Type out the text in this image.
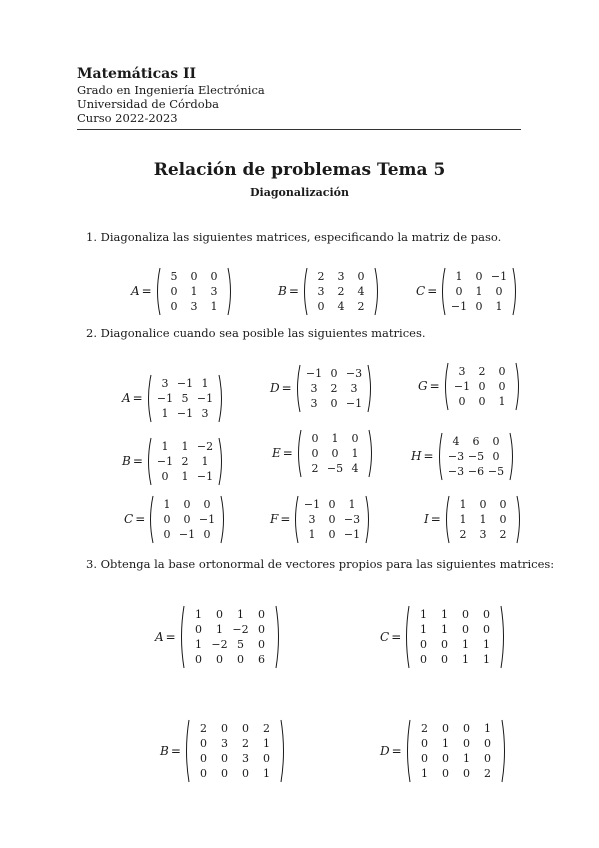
Matemáticas II
Grado en Ingeniería Electrónica
Universidad de Córdoba
Curso 2022-2023
Relación de problemas Tema 5
Diagonalización
1. Diagonaliza las siguientes matrices, especificando la matriz de paso.
2. Diagonalice cuando sea posible las siguientes matrices.
3. Obtenga la base ortonormal de vectores propios para las siguientes matrices:
A =
5 0 0
0 1 3
0 3 1
B =
2 3 0
3 2 4
0 4 2
C =
1 0 −1
0 1 0
−1 0 1
A =
3 −1 1
−1 5 −1
1 −1 3
D =
−1 0 −3
3 2 3
3 0 −1
G =
3 2 0
−1 0 0
0 0 1
B =
1 1 −2
−1 2 1
0 1 −1
E =
0 1 0
0 0 1
2 −5 4
H =
4 6 0
−3 −5 0
−3 −6 −5
C =
1 0 0
0 0 −1
0 −1 0
F =
−1 0 1
3 0 −3
1 0 −1
I =
1 0 0
1 1 0
2 3 2
A =
1 0 1 0
0 1 −2 0
1 −2 5 0
0 0 0 6
C =
1 1 0 0
1 1 0 0
0 0 1 1
0 0 1 1
B =
2 0 0 2
0 3 2 1
0 0 3 0
0 0 0 1
D =
2 0 0 1
0 1 0 0
0 0 1 0
1 0 0 2
